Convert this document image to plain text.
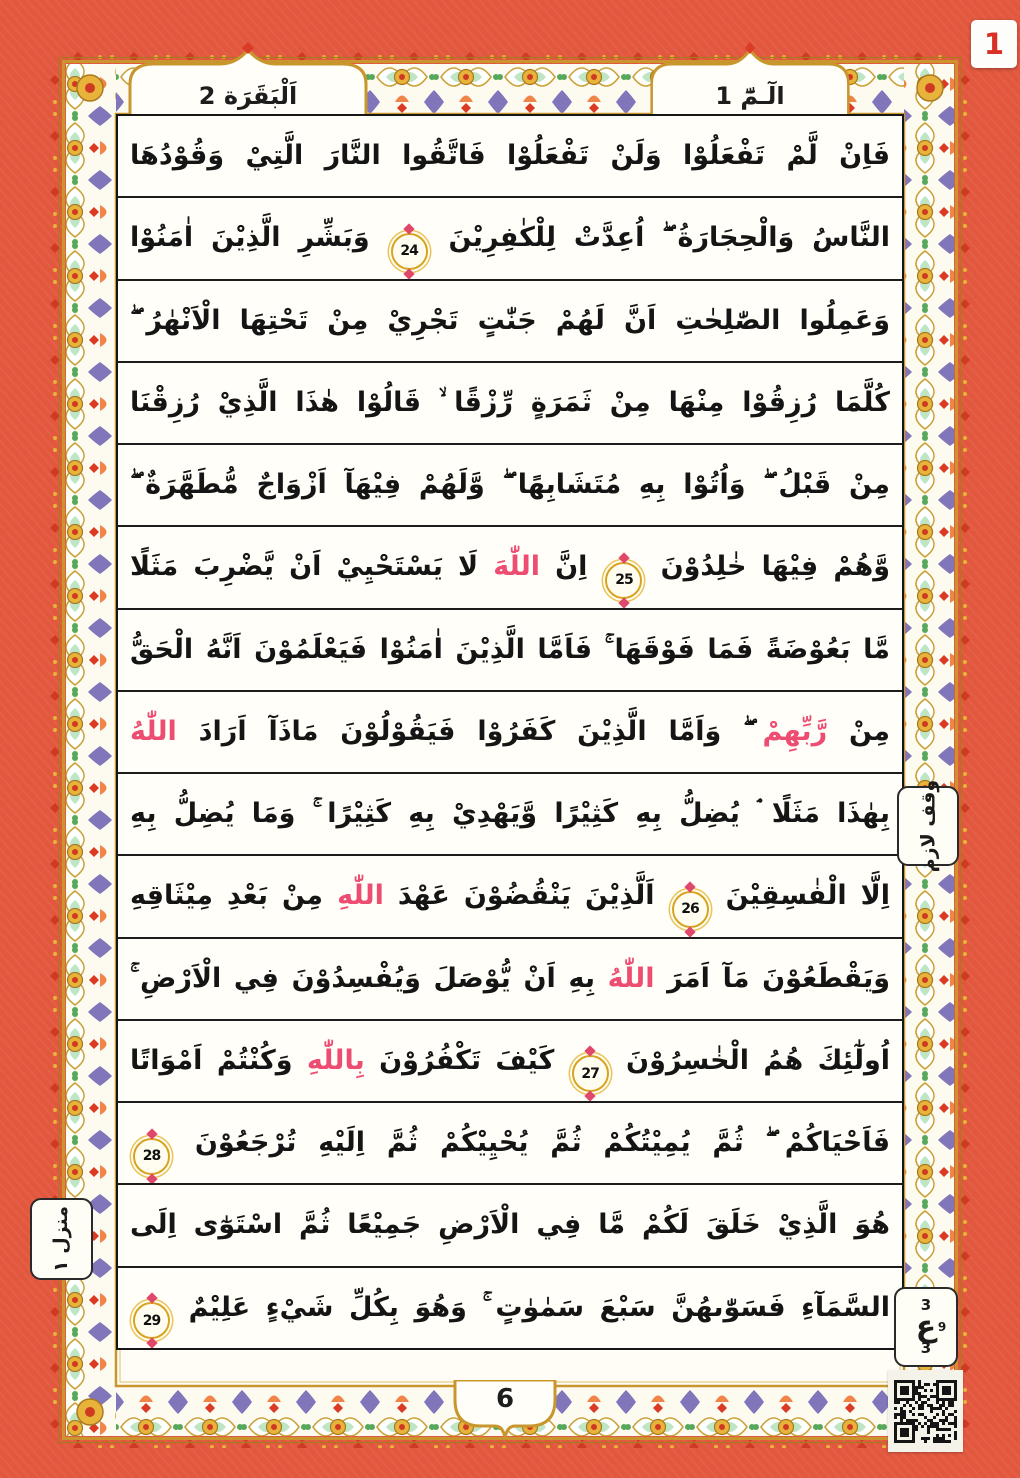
1
اَلْبَقَرَة 2	الٓـمّٓ 1
فَاِنْ لَّمْ تَفْعَلُوْا وَلَنْ تَفْعَلُوْا فَاتَّقُوا النَّارَ الَّتِيْ وَقُوْدُهَا
النَّاسُ وَالْحِجَارَةُ ۖ اُعِدَّتْ لِلْكٰفِرِيْنَ
24
وَبَشِّرِ الَّذِيْنَ اٰمَنُوْا
وَعَمِلُوا الصّٰلِحٰتِ اَنَّ لَهُمْ جَنّٰتٍ تَجْرِيْ مِنْ تَحْتِهَا الْاَنْهٰرُ ۖ
كُلَّمَا رُزِقُوْا مِنْهَا مِنْ ثَمَرَةٍ رِّزْقًا ۙ قَالُوْا هٰذَا الَّذِيْ رُزِقْنَا
مِنْ قَبْلُ ۖ وَاُتُوْا بِهِ مُتَشَابِهًا ۖ وَّلَهُمْ فِيْهَآ اَزْوَاجٌ مُّطَهَّرَةٌ ۖ
وَّهُمْ فِيْهَا خٰلِدُوْنَ
25
اِنَّ اللّٰهَ لَا يَسْتَحْيِيْ اَنْ يَّضْرِبَ مَثَلًا
مَّا بَعُوْضَةً فَمَا فَوْقَهَا ۚ فَاَمَّا الَّذِيْنَ اٰمَنُوْا فَيَعْلَمُوْنَ اَنَّهُ الْحَقُّ
مِنْ رَّبِّهِمْ ۖ وَاَمَّا الَّذِيْنَ كَفَرُوْا فَيَقُوْلُوْنَ مَاذَآ اَرَادَ اللّٰهُ
بِهٰذَا مَثَلًا ۘ يُضِلُّ بِهِ كَثِيْرًا وَّيَهْدِيْ بِهِ كَثِيْرًا ۚ وَمَا يُضِلُّ بِهِ
اِلَّا الْفٰسِقِيْنَ
26
اَلَّذِيْنَ يَنْقُضُوْنَ عَهْدَ اللّٰهِ مِنْ بَعْدِ مِيْثَاقِهِ
وَيَقْطَعُوْنَ مَآ اَمَرَ اللّٰهُ بِهِ اَنْ يُّوْصَلَ وَيُفْسِدُوْنَ فِي الْاَرْضِ ۚ
اُولٰٓئِكَ هُمُ الْخٰسِرُوْنَ
27
كَيْفَ تَكْفُرُوْنَ بِاللّٰهِ وَكُنْتُمْ اَمْوَاتًا
فَاَحْيَاكُمْ ۖ ثُمَّ يُمِيْتُكُمْ ثُمَّ يُحْيِيْكُمْ ثُمَّ اِلَيْهِ تُرْجَعُوْنَ
28
هُوَ الَّذِيْ خَلَقَ لَكُمْ مَّا فِي الْاَرْضِ جَمِيْعًا ثُمَّ اسْتَوٰٓى اِلَى
السَّمَآءِ فَسَوّٰىهُنَّ سَبْعَ سَمٰوٰتٍ ۚ وَهُوَ بِكُلِّ شَيْءٍ عَلِيْمٌ
29
وقف لازم
منزل ١
3
ع 9
3
6
